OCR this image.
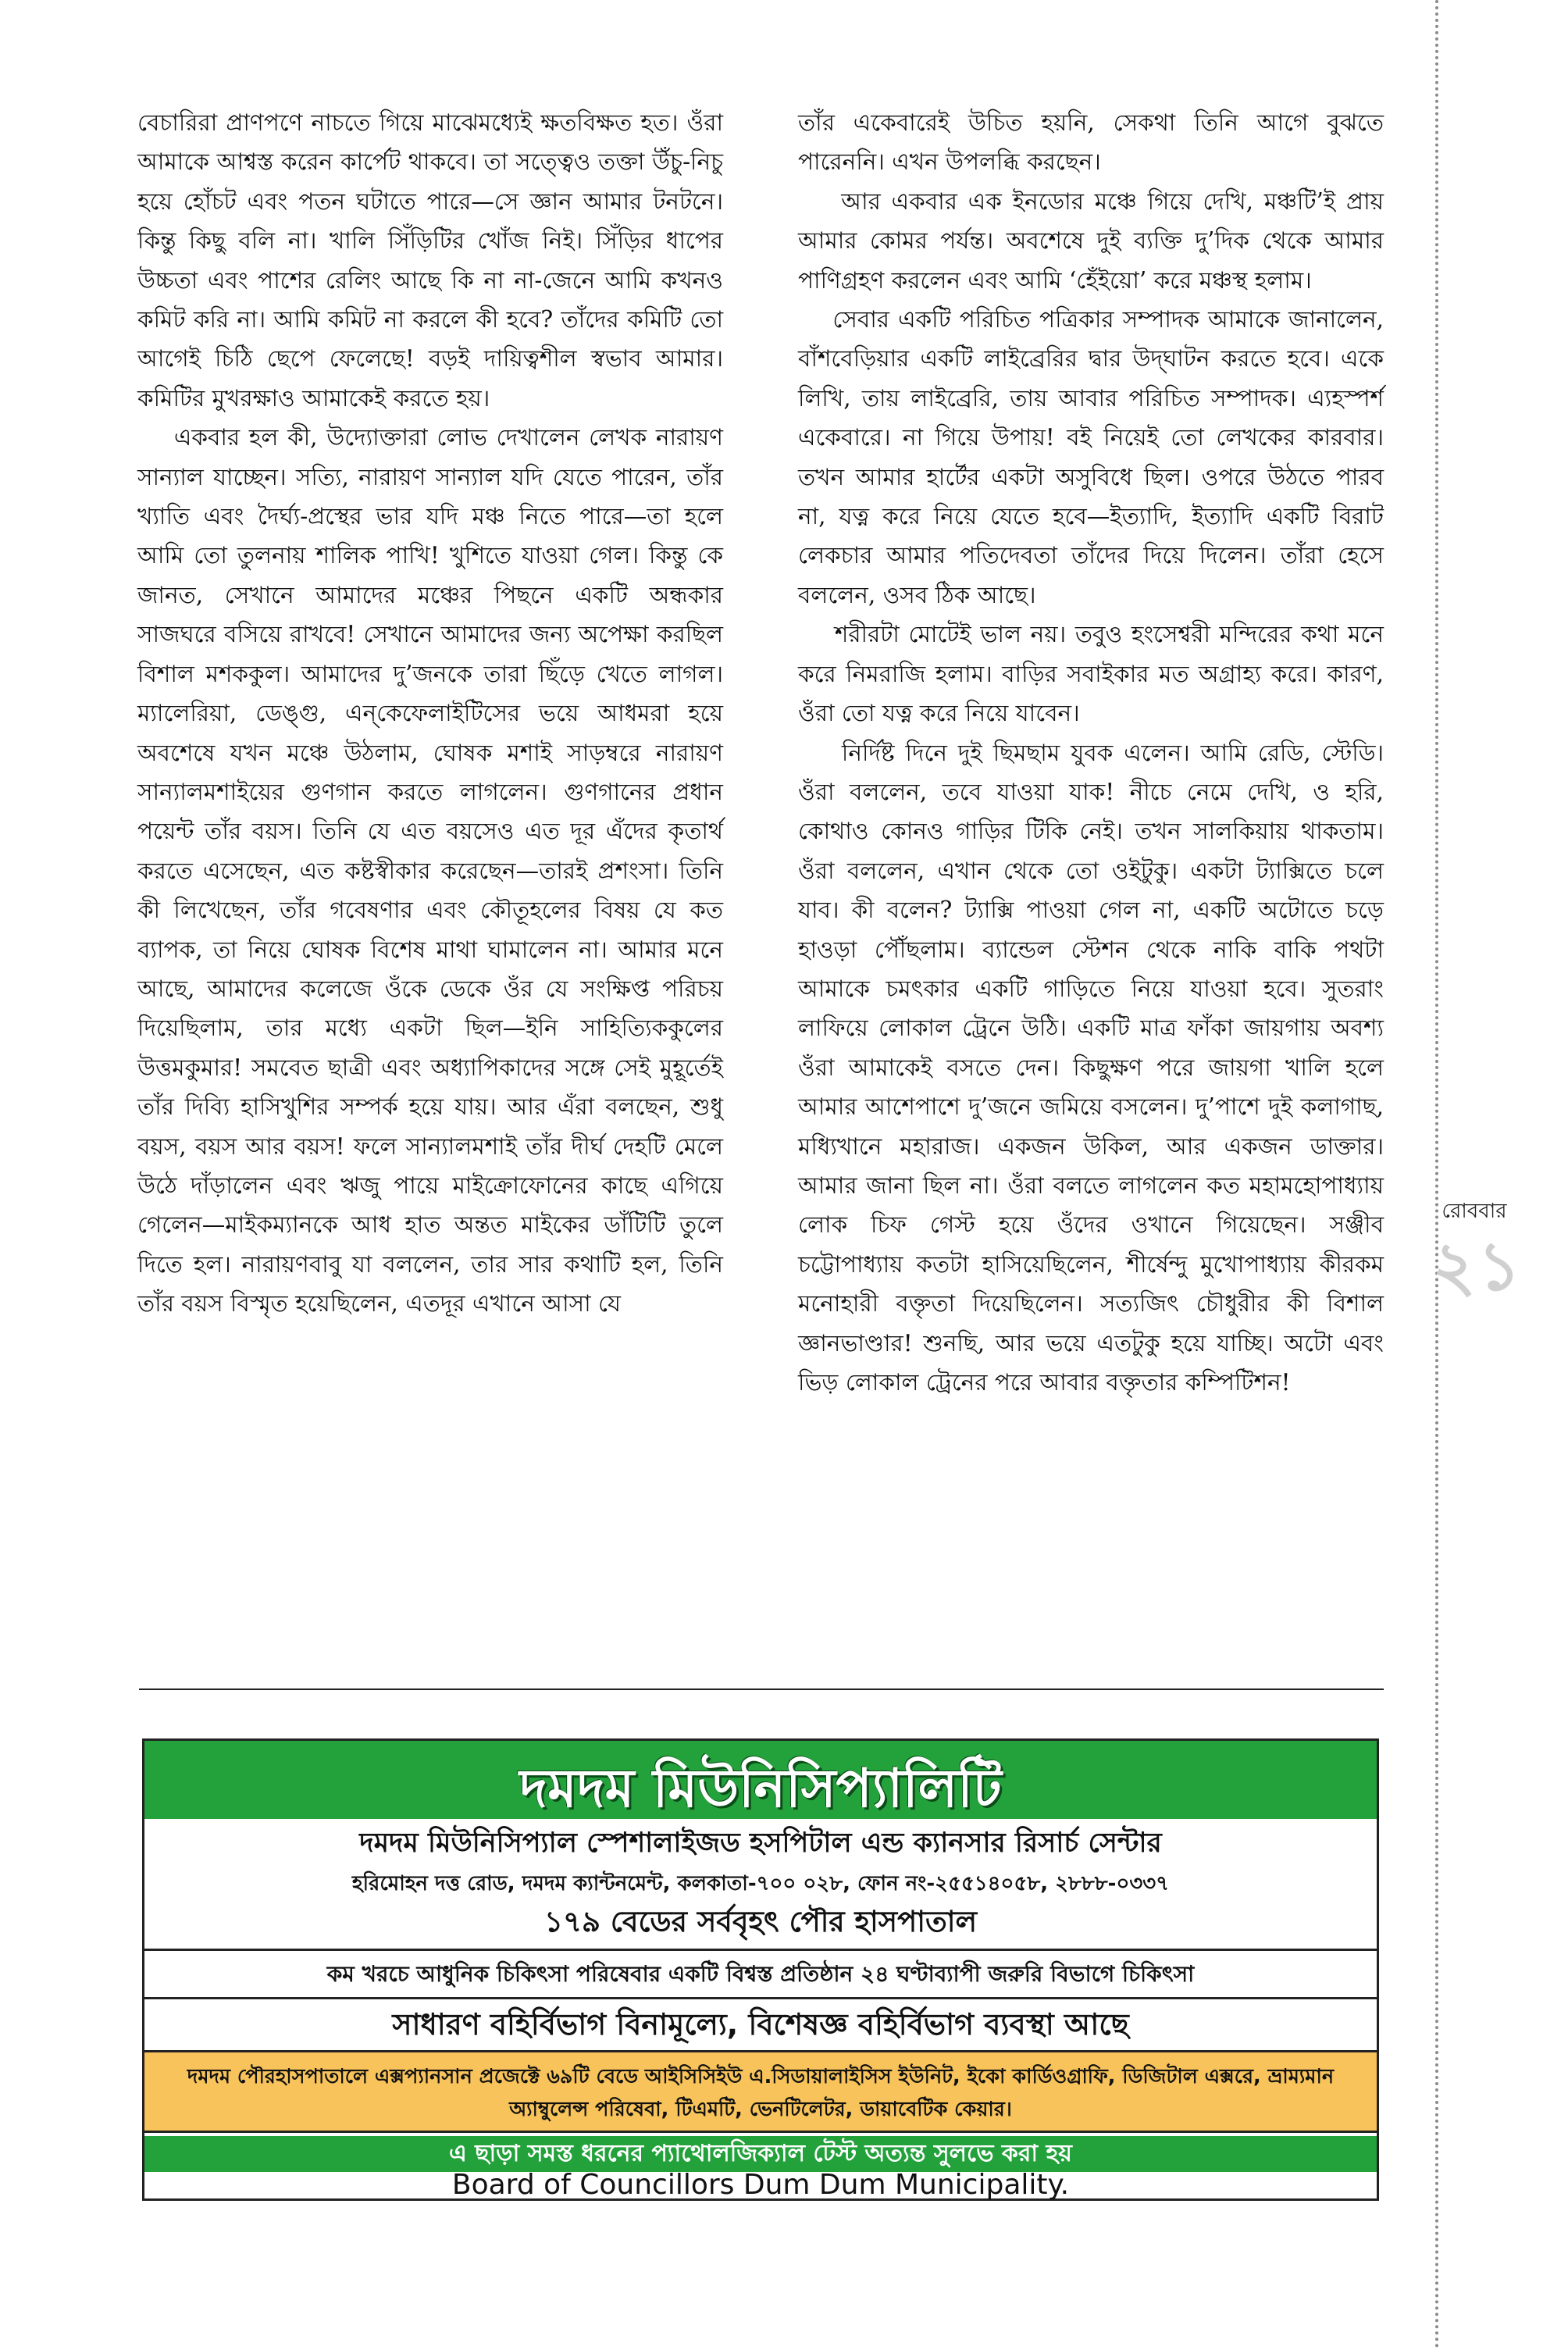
বেচারিরা প্রাণপণে নাচতে গিয়ে মাঝেমধ্যেই ক্ষতবিক্ষত হত। ওঁরা আমাকে আশ্বস্ত করেন কার্পেট থাকবে। তা সত্ত্বেও তক্তা উঁচু-নিচু হয়ে হোঁচট এবং পতন ঘটাতে পারে—সে জ্ঞান আমার টনটনে। কিন্তু কিছু বলি না। খালি সিঁড়িটির খোঁজ নিই। সিঁড়ির ধাপের উচ্চতা এবং পাশের রেলিং আছে কি না না-জেনে আমি কখনও কমিট করি না। আমি কমিট না করলে কী হবে? তাঁদের কমিটি তো আগেই চিঠি ছেপে ফেলেছে! বড়ই দায়িত্বশীল স্বভাব আমার। কমিটির মুখরক্ষাও আমাকেই করতে হয়।
একবার হল কী, উদ্যোক্তারা লোভ দেখালেন লেখক নারায়ণ সান্যাল যাচ্ছেন। সত্যি, নারায়ণ সান্যাল যদি যেতে পারেন, তাঁর খ্যাতি এবং দৈর্ঘ্য-প্রস্থের ভার যদি মঞ্চ নিতে পারে—তা হলে আমি তো তুলনায় শালিক পাখি! খুশিতে যাওয়া গেল। কিন্তু কে জানত, সেখানে আমাদের মঞ্চের পিছনে একটি অন্ধকার সাজঘরে বসিয়ে রাখবে! সেখানে আমাদের জন্য অপেক্ষা করছিল বিশাল মশককুল। আমাদের দু’জনকে তারা ছিঁড়ে খেতে লাগল। ম্যালেরিয়া, ডেঙ্গু, এন্‌কেফেলাইটিসের ভয়ে আধমরা হয়ে অবশেষে যখন মঞ্চে উঠলাম, ঘোষক মশাই সাড়ম্বরে নারায়ণ সান্যালমশাইয়ের গুণগান করতে লাগলেন। গুণগানের প্রধান পয়েন্ট তাঁর বয়স। তিনি যে এত বয়সেও এত দূর এঁদের কৃতার্থ করতে এসেছেন, এত কষ্টস্বীকার করেছেন—তারই প্রশংসা। তিনি কী লিখেছেন, তাঁর গবেষণার এবং কৌতূহলের বিষয় যে কত ব্যাপক, তা নিয়ে ঘোষক বিশেষ মাথা ঘামালেন না। আমার মনে আছে, আমাদের কলেজে ওঁকে ডেকে ওঁর যে সংক্ষিপ্ত পরিচয় দিয়েছিলাম, তার মধ্যে একটা ছিল—ইনি সাহিত্যিককুলের উত্তমকুমার! সমবেত ছাত্রী এবং অধ্যাপিকাদের সঙ্গে সেই মুহূর্তেই তাঁর দিব্যি হাসিখুশির সম্পর্ক হয়ে যায়। আর এঁরা বলছেন, শুধু বয়স, বয়স আর বয়স! ফলে সান্যালমশাই তাঁর দীর্ঘ দেহটি মেলে উঠে দাঁড়ালেন এবং ঋজু পায়ে মাইক্রোফোনের কাছে এগিয়ে গেলেন—মাইকম্যানকে আধ হাত অন্তত মাইকের ডাঁটিটি তুলে দিতে হল। নারায়ণবাবু যা বললেন, তার সার কথাটি হল, তিনি তাঁর বয়স বিস্মৃত হয়েছিলেন, এতদূর এখানে আসা যে
তাঁর একেবারেই উচিত হয়নি, সেকথা তিনি আগে বুঝতে পারেননি। এখন উপলব্ধি করছেন।
আর একবার এক ইনডোর মঞ্চে গিয়ে দেখি, মঞ্চটি’ই প্রায় আমার কোমর পর্যন্ত। অবশেষে দুই ব্যক্তি দু’দিক থেকে আমার পাণিগ্রহণ করলেন এবং আমি ‘হেঁইয়ো’ করে মঞ্চস্থ হলাম।
সেবার একটি পরিচিত পত্রিকার সম্পাদক আমাকে জানালেন, বাঁশবেড়িয়ার একটি লাইব্রেরির দ্বার উদ্‌ঘাটন করতে হবে। একে লিখি, তায় লাইব্রেরি, তায় আবার পরিচিত সম্পাদক। এ্যহস্পর্শ একেবারে। না গিয়ে উপায়! বই নিয়েই তো লেখকের কারবার। তখন আমার হার্টের একটা অসুবিধে ছিল। ওপরে উঠতে পারব না, যত্ন করে নিয়ে যেতে হবে—ইত্যাদি, ইত্যাদি একটি বিরাট লেকচার আমার পতিদেবতা তাঁদের দিয়ে দিলেন। তাঁরা হেসে বললেন, ওসব ঠিক আছে।
শরীরটা মোটেই ভাল নয়। তবুও হংসেশ্বরী মন্দিরের কথা মনে করে নিমরাজি হলাম। বাড়ির সবাইকার মত অগ্রাহ্য করে। কারণ, ওঁরা তো যত্ন করে নিয়ে যাবেন।
নির্দিষ্ট দিনে দুই ছিমছাম যুবক এলেন। আমি রেডি, স্টেডি। ওঁরা বললেন, তবে যাওয়া যাক! নীচে নেমে দেখি, ও হরি, কোথাও কোনও গাড়ির টিকি নেই। তখন সালকিয়ায় থাকতাম। ওঁরা বললেন, এখান থেকে তো ওইটুকু। একটা ট্যাক্সিতে চলে যাব। কী বলেন? ট্যাক্সি পাওয়া গেল না, একটি অটোতে চড়ে হাওড়া পৌঁছলাম। ব্যান্ডেল স্টেশন থেকে নাকি বাকি পথটা আমাকে চমৎকার একটি গাড়িতে নিয়ে যাওয়া হবে। সুতরাং লাফিয়ে লোকাল ট্রেনে উঠি। একটি মাত্র ফাঁকা জায়গায় অবশ্য ওঁরা আমাকেই বসতে দেন। কিছুক্ষণ পরে জায়গা খালি হলে আমার আশেপাশে দু’জনে জমিয়ে বসলেন। দু’পাশে দুই কলাগাছ, মধ্যিখানে মহারাজ। একজন উকিল, আর একজন ডাক্তার। আমার জানা ছিল না। ওঁরা বলতে লাগলেন কত মহামহোপাধ্যায় লোক চিফ গেস্ট হয়ে ওঁদের ওখানে গিয়েছেন। সঞ্জীব চট্টোপাধ্যায় কতটা হাসিয়েছিলেন, শীর্ষেন্দু মুখোপাধ্যায় কীরকম মনোহারী বক্তৃতা দিয়েছিলেন। সত্যজিৎ চৌধুরীর কী বিশাল জ্ঞানভাণ্ডার! শুনছি, আর ভয়ে এতটুকু হয়ে যাচ্ছি। অটো এবং ভিড় লোকাল ট্রেনের পরে আবার বক্তৃতার কম্পিটিশন!
রোববার
২১
দমদম মিউনিসিপ্যালিটি
দমদম মিউনিসিপ্যাল স্পেশালাইজড হসপিটাল এন্ড ক্যানসার রিসার্চ সেন্টার
হরিমোহন দত্ত রোড, দমদম ক্যান্টনমেন্ট, কলকাতা-৭০০ ০২৮, ফোন নং-২৫৫১৪০৫৮, ২৮৮৮-০৩৩৭
১৭৯ বেডের সর্ববৃহৎ পৌর হাসপাতাল
কম খরচে আধুনিক চিকিৎসা পরিষেবার একটি বিশ্বস্ত প্রতিষ্ঠান ২৪ ঘণ্টাব্যাপী জরুরি বিভাগে চিকিৎসা
সাধারণ বহির্বিভাগ বিনামূল্যে, বিশেষজ্ঞ বহির্বিভাগ ব্যবস্থা আছে
দমদম পৌরহাসপাতালে এক্সপ্যানসান প্রজেক্টে ৬৯টি বেডে আইসিসিইউ এ.সিডায়ালাইসিস ইউনিট, ইকো কার্ডিওগ্রাফি, ডিজিটাল এক্সরে, ভ্রাম্যমান অ্যাম্বুলেন্স পরিষেবা, টিএমটি, ভেনটিলেটর, ডায়াবেটিক কেয়ার।
এ ছাড়া সমস্ত ধরনের প্যাথোলজিক্যাল টেস্ট অত্যন্ত সুলভে করা হয়
Board of Councillors Dum Dum Municipality.
